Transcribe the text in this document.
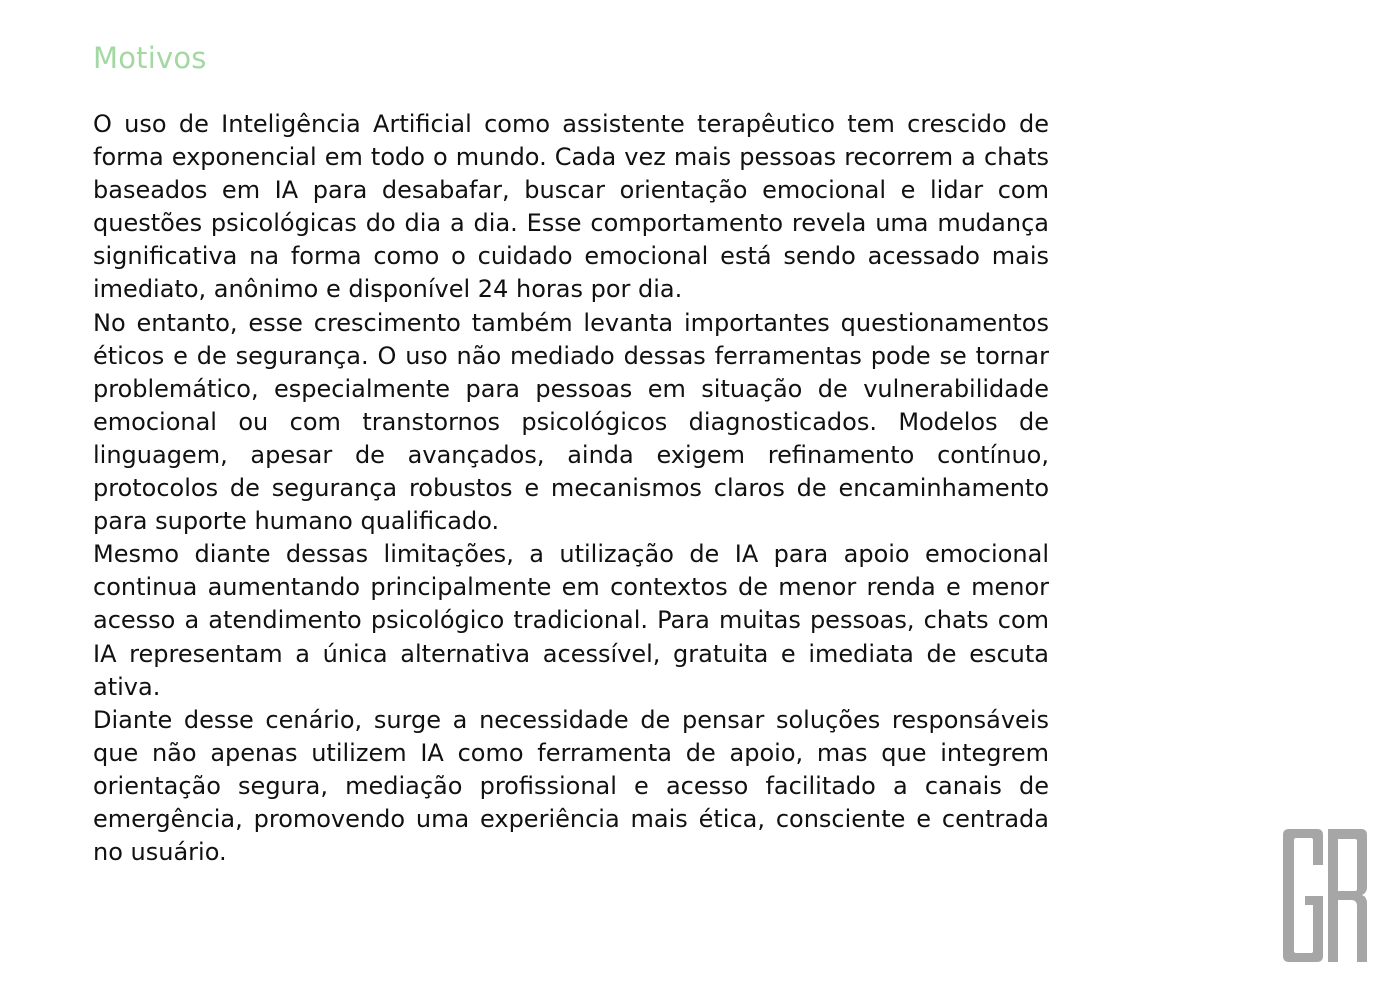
Motivos

O uso de Inteligência Artificial como assistente terapêutico tem crescido de forma exponencial em todo o mundo. Cada vez mais pessoas recorrem a chats baseados em IA para desabafar, buscar orientação emocional e lidar com questões psicológicas do dia a dia. Esse comportamento revela uma mudança significativa na forma como o cuidado emocional está sendo acessado mais imediato, anônimo e disponível 24 horas por dia.

No entanto, esse crescimento também levanta importantes questionamentos éticos e de segurança. O uso não mediado dessas ferramentas pode se tornar problemático, especialmente para pessoas em situação de vulnerabilidade emocional ou com transtornos psicológicos diagnosticados. Modelos de linguagem, apesar de avançados, ainda exigem refinamento contínuo, protocolos de segurança robustos e mecanismos claros de encaminhamento para suporte humano qualificado.

Mesmo diante dessas limitações, a utilização de IA para apoio emocional continua aumentando principalmente em contextos de menor renda e menor acesso a atendimento psicológico tradicional. Para muitas pessoas, chats com IA representam a única alternativa acessível, gratuita e imediata de escuta ativa.

Diante desse cenário, surge a necessidade de pensar soluções responsáveis que não apenas utilizem IA como ferramenta de apoio, mas que integrem orientação segura, mediação profissional e acesso facilitado a canais de emergência, promovendo uma experiência mais ética, consciente e centrada no usuário.
